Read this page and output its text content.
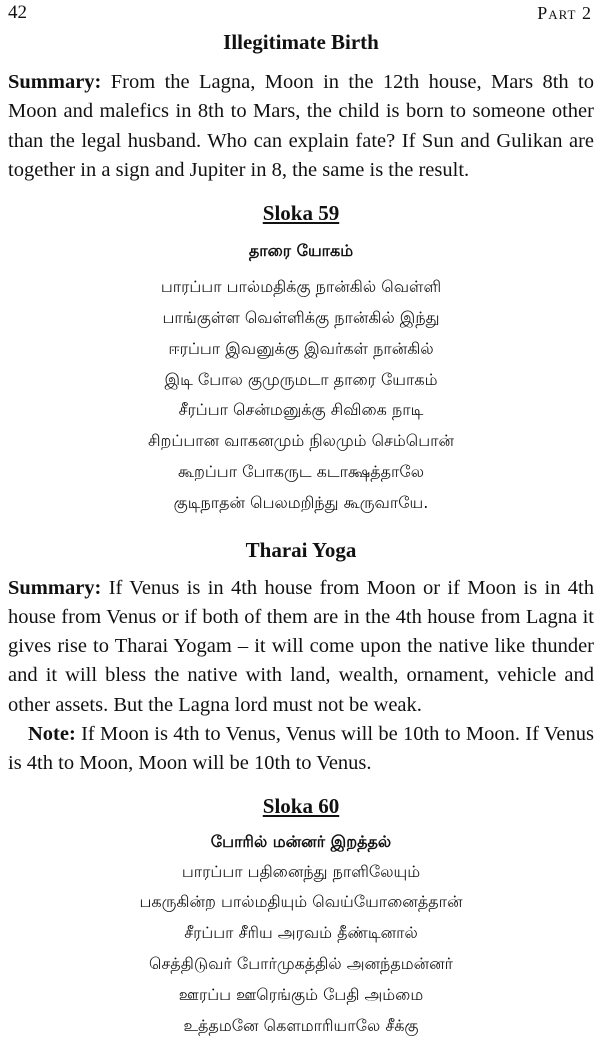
42	Part 2
Illegitimate Birth

Summary: From the Lagna, Moon in the 12th house, Mars 8th to Moon and malefics in 8th to Mars, the child is born to someone other than the legal husband. Who can explain fate? If Sun and Gulikan are together in a sign and Jupiter in 8, the same is the result.

Sloka 59
தாரை யோகம்
பாரப்பா பால்மதிக்கு நான்கில் வெள்ளி
பாங்குள்ள வெள்ளிக்கு நான்கில் இந்து
ஈரப்பா இவனுக்கு இவர்கள் நான்கில்
இடி போல குமுருமடா தாரை யோகம்
சீரப்பா சென்மனுக்கு சிவிகை நாடி
சிறப்பான வாகனமும் நிலமும் செம்பொன்
கூறப்பா போகருட கடாக்ஷத்தாலே
குடிநாதன் பெலமறிந்து கூருவாயே.
Tharai Yoga

Summary: If Venus is in 4th house from Moon or if Moon is in 4th house from Venus or if both of them are in the 4th house from Lagna it gives rise to Tharai Yogam – it will come upon the native like thunder and it will bless the native with land, wealth, ornament, vehicle and other assets. But the Lagna lord must not be weak.

Note: If Moon is 4th to Venus, Venus will be 10th to Moon. If Venus is 4th to Moon, Moon will be 10th to Venus.

Sloka 60
போரில் மன்னர் இறத்தல்
பாரப்பா பதினைந்து நாளிலேயும்
பகருகின்ற பால்மதியும் வெய்யோனைத்தான்
சீரப்பா சீரிய அரவம் தீண்டினால்
செத்திடுவர் போர்முகத்தில் அனந்தமன்னர்
ஊரப்ப ஊரெங்கும் பேதி அம்மை
உத்தமனே கௌமாரியாலே சீக்கு
